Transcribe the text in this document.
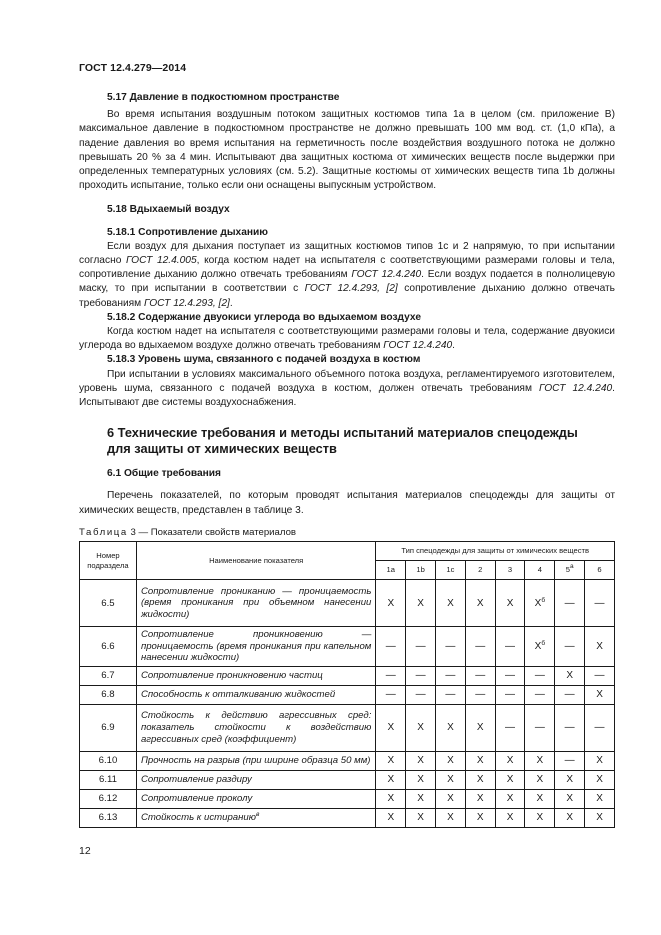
ГОСТ 12.4.279—2014

5.17 Давление в подкостюмном пространстве

Во время испытания воздушным потоком защитных костюмов типа 1а в целом (см. приложение В) максимальное давление в подкостюмном пространстве не должно превышать 100 мм вод. ст. (1,0 кПа), а падение давления во время испытания на герметичность после воздействия воздушного потока не должно превышать 20 % за 4 мин. Испытывают два защитных костюма от химических веществ после выдержки при определенных температурных условиях (см. 5.2). Защитные костюмы от химических веществ типа 1b должны проходить испытание, только если они оснащены выпускным устройством.

5.18 Вдыхаемый воздух

5.18.1 Сопротивление дыханию

Если воздух для дыхания поступает из защитных костюмов типов 1с и 2 напрямую, то при испытании согласно ГОСТ 12.4.005, когда костюм надет на испытателя с соответствующими размерами головы и тела, сопротивление дыханию должно отвечать требованиям ГОСТ 12.4.240. Если воздух подается в полнолицевую маску, то при испытании в соответствии с ГОСТ 12.4.293, [2] сопротивление дыханию должно отвечать требованиям ГОСТ 12.4.293, [2].

5.18.2 Содержание двуокиси углерода во вдыхаемом воздухе

Когда костюм надет на испытателя с соответствующими размерами головы и тела, содержание двуокиси углерода во вдыхаемом воздухе должно отвечать требованиям ГОСТ 12.4.240.

5.18.3 Уровень шума, связанного с подачей воздуха в костюм

При испытании в условиях максимального объемного потока воздуха, регламентируемого изготовителем, уровень шума, связанного с подачей воздуха в костюм, должен отвечать требованиям ГОСТ 12.4.240. Испытывают две системы воздухоснабжения.

6 Технические требования и методы испытаний материалов спецодежды
для защиты от химических веществ

6.1 Общие требования

Перечень показателей, по которым проводят испытания материалов спецодежды для защиты от химических веществ, представлен в таблице 3.

Таблица 3 — Показатели свойств материалов

Номер подраздела	Наименование показателя	Тип спецодежды для защиты от химических веществ							
		1a	1b	1c	2	3	4	$5^а$	6
6.5	Сопротивление прониканию — проницаемость (время проникания при объемном нанесении жидкости)	X	X	X	X	X	$X^б$	—	—
6.6	Сопротивление проникновению — проницаемость (время проникания при капельном нанесении жидкости)	—	—	—	—	—	$X^б$	—	X
6.7	Сопротивление проникновению частиц	—	—	—	—	—	—	X	—
6.8	Способность к отталкиванию жидкостей	—	—	—	—	—	—	—	X
6.9	Стойкость к действию агрессивных сред: показатель стойкости к воздействию агрессивных сред (коэффициент)	X	X	X	X	—	—	—	—
6.10	Прочность на разрыв (при ширине образца 50 мм)	X	X	X	X	X	X	—	X
6.11	Сопротивление раздиру	X	X	X	X	X	X	X	X
6.12	Сопротивление проколу	X	X	X	X	X	X	X	X
6.13	Стойкость к истиранию$^в$	X	X	X	X	X	X	X	X
12
